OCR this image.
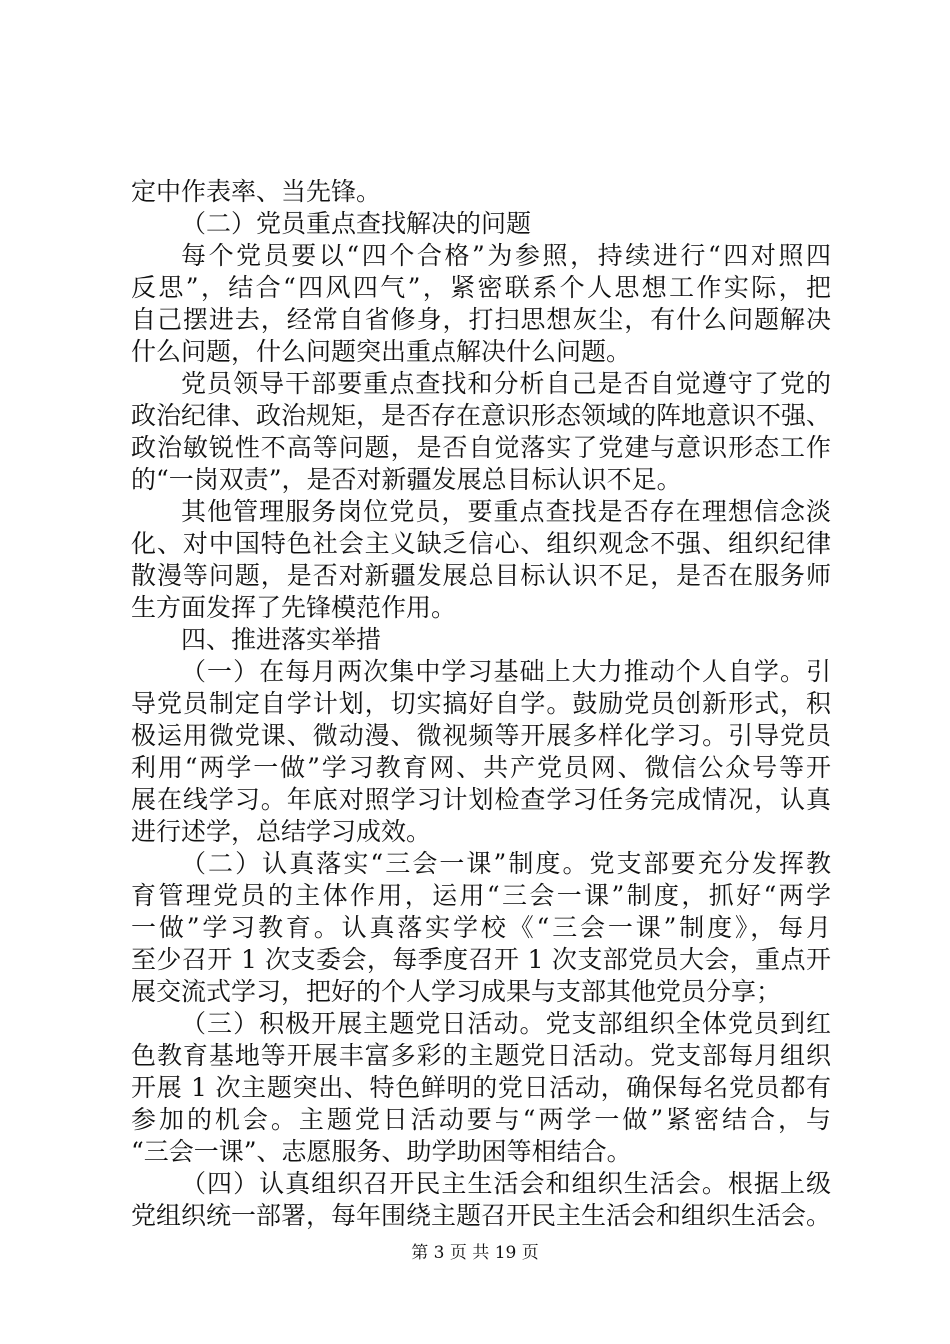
定中作表率、当先锋。
（二）党员重点查找解决的问题
每个党员要以“四个合格”为参照，持续进行“四对照四
反思”，结合“四风四气”，紧密联系个人思想工作实际，把
自己摆进去，经常自省修身，打扫思想灰尘，有什么问题解决
什么问题，什么问题突出重点解决什么问题。
党员领导干部要重点查找和分析自己是否自觉遵守了党的
政治纪律、政治规矩，是否存在意识形态领域的阵地意识不强、
政治敏锐性不高等问题，是否自觉落实了党建与意识形态工作
的“一岗双责”，是否对新疆发展总目标认识不足。
其他管理服务岗位党员，要重点查找是否存在理想信念淡
化、对中国特色社会主义缺乏信心、组织观念不强、组织纪律
散漫等问题，是否对新疆发展总目标认识不足，是否在服务师
生方面发挥了先锋模范作用。
四、推进落实举措
（一）在每月两次集中学习基础上大力推动个人自学。引
导党员制定自学计划，切实搞好自学。鼓励党员创新形式，积
极运用微党课、微动漫、微视频等开展多样化学习。引导党员
利用“两学一做”学习教育网、共产党员网、微信公众号等开
展在线学习。年底对照学习计划检查学习任务完成情况，认真
进行述学，总结学习成效。
（二）认真落实“三会一课”制度。党支部要充分发挥教
育管理党员的主体作用，运用“三会一课”制度，抓好“两学
一做”学习教育。认真落实学校《“三会一课”制度》，每月
至少召开 1 次支委会，每季度召开 1 次支部党员大会，重点开
展交流式学习，把好的个人学习成果与支部其他党员分享；
（三）积极开展主题党日活动。党支部组织全体党员到红
色教育基地等开展丰富多彩的主题党日活动。党支部每月组织
开展 1 次主题突出、特色鲜明的党日活动，确保每名党员都有
参加的机会。主题党日活动要与“两学一做”紧密结合，与
“三会一课”、志愿服务、助学助困等相结合。
（四）认真组织召开民主生活会和组织生活会。根据上级
党组织统一部署，每年围绕主题召开民主生活会和组织生活会。
第 3 页 共 19 页
